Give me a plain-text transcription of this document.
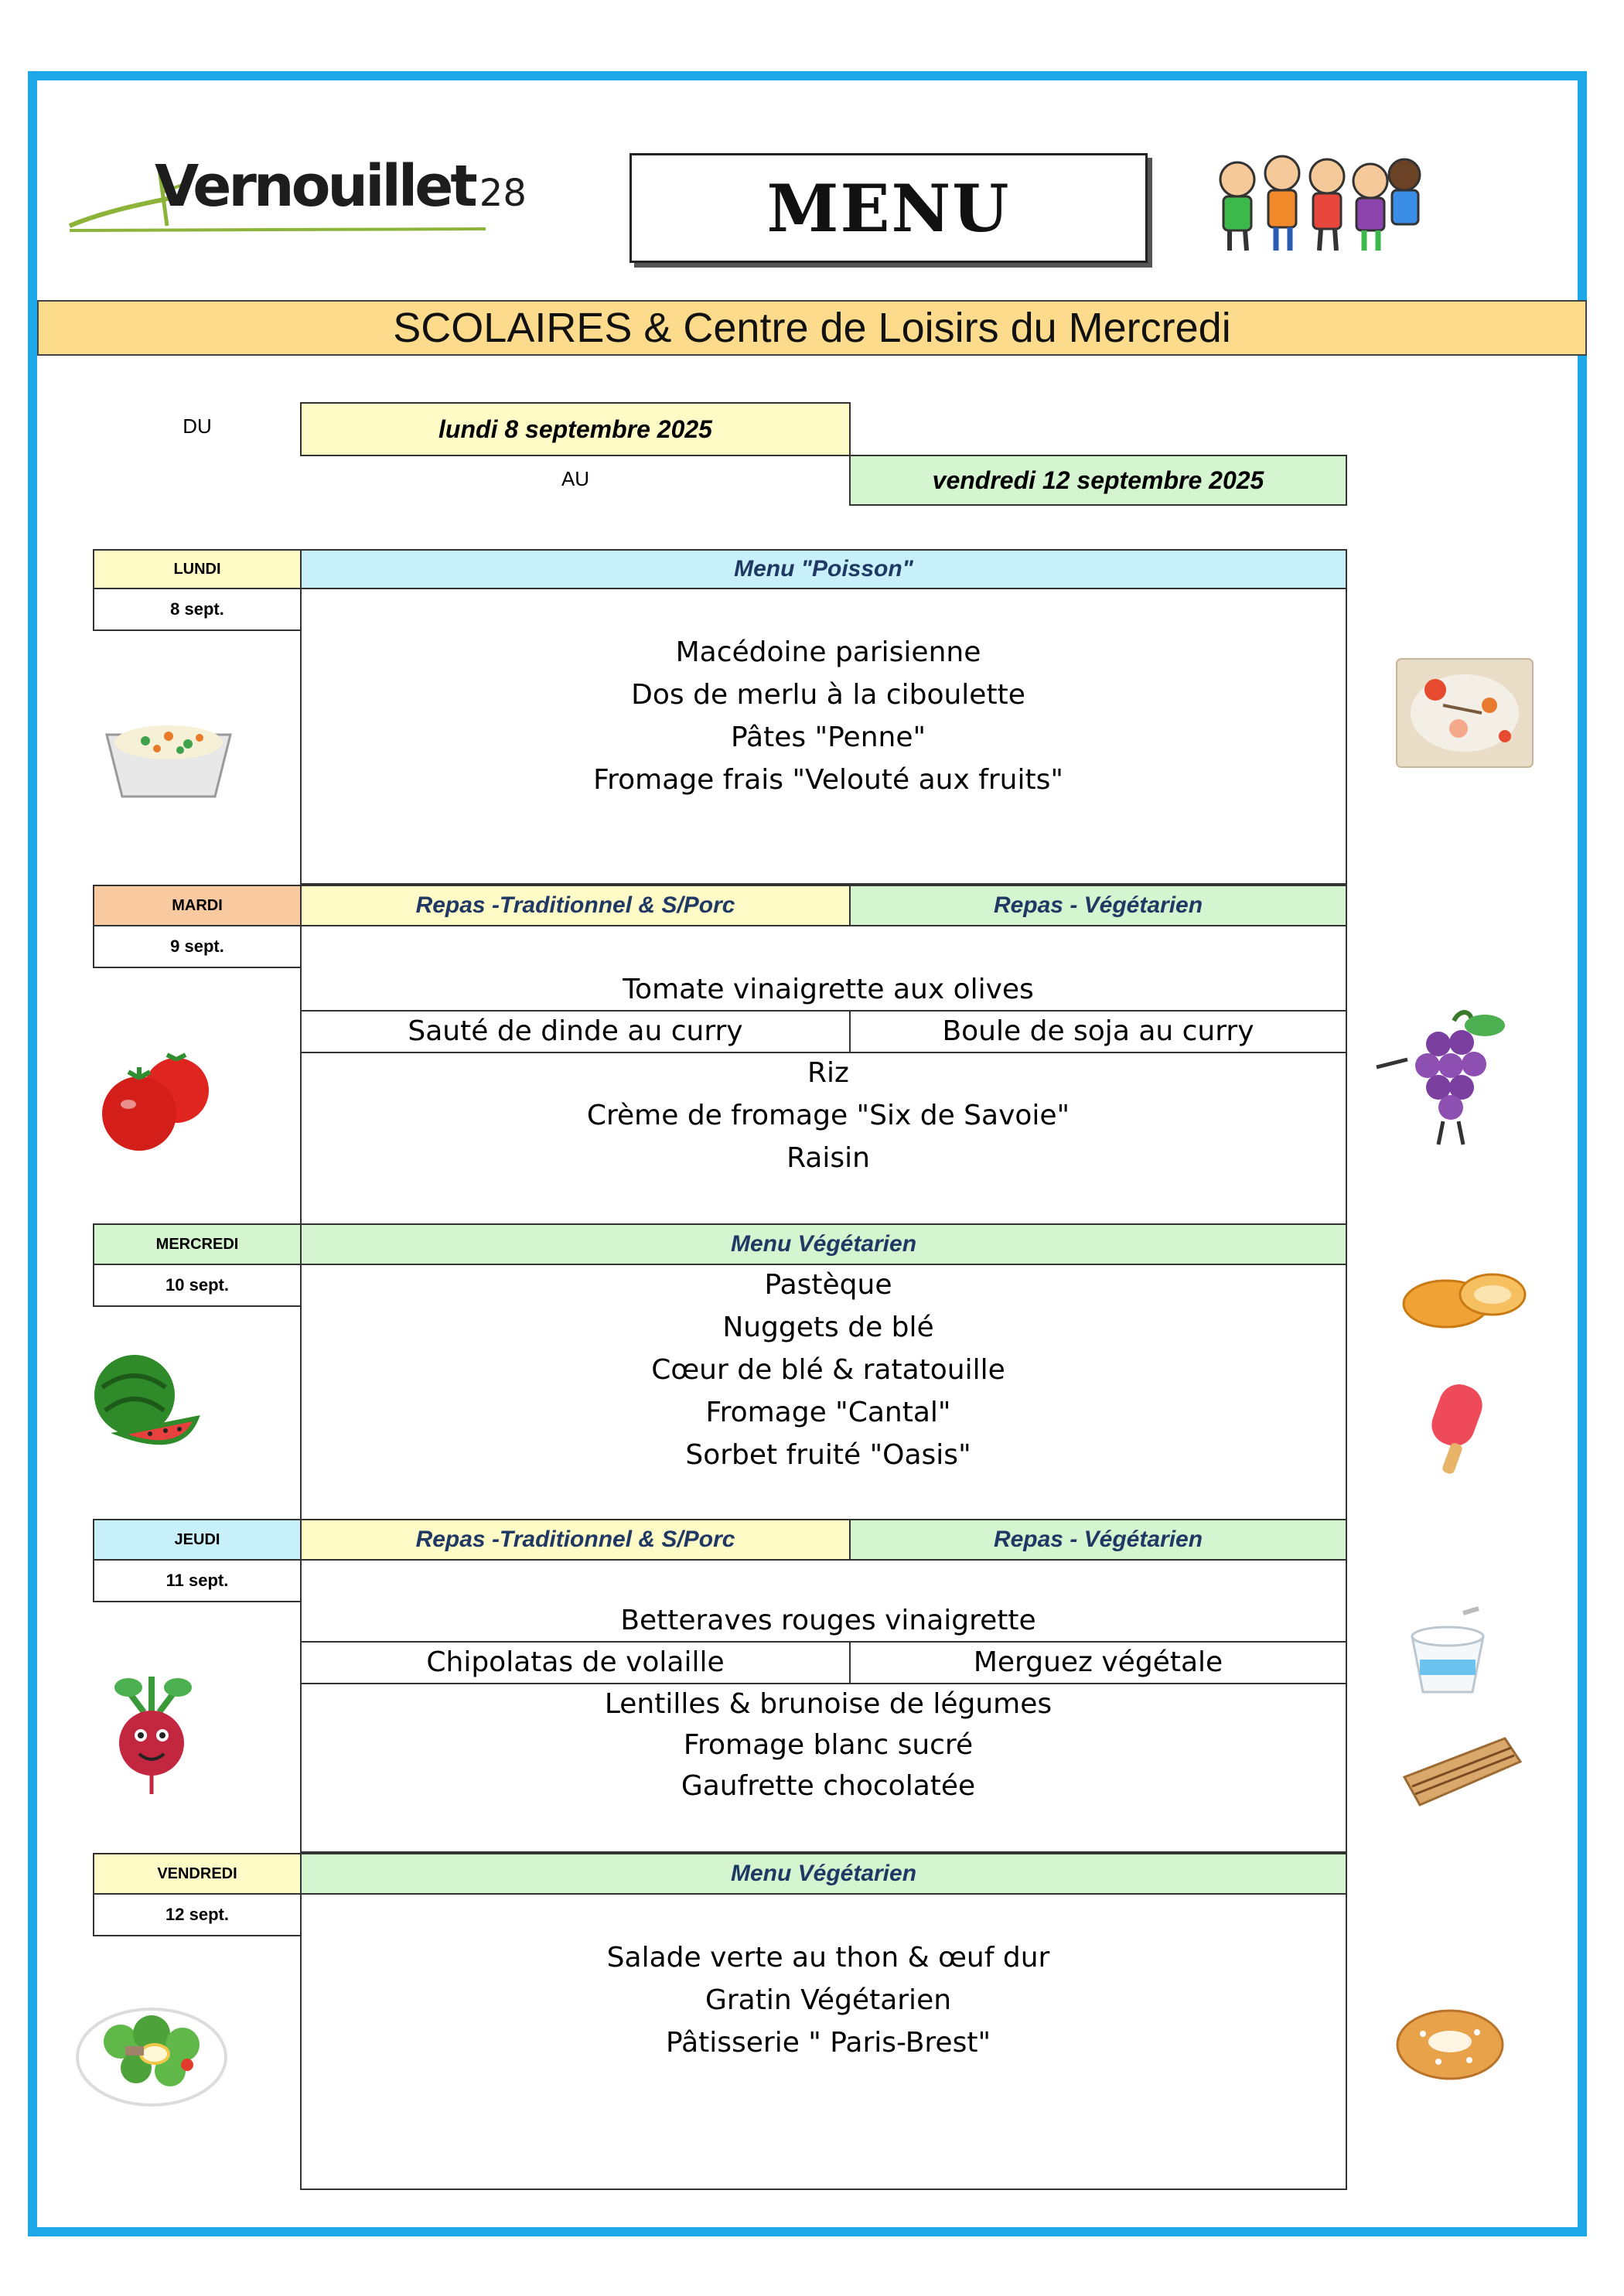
Vernouillet 28	MENU
SCOLAIRES & Centre de Loisirs du Mercredi
DU	lundi 8 septembre 2025
AU	vendredi 12 septembre 2025
LUNDI
8 sept.
Menu "Poisson"
Macédoine parisienne
Dos de merlu à la ciboulette
Pâtes "Penne"
Fromage frais "Velouté aux fruits"
MARDI
9 sept.
Repas -Traditionnel & S/Porc	Repas - Végétarien
Tomate vinaigrette aux olives
Sauté de dinde au curry	Boule de soja au curry
Riz
Crème de fromage "Six de Savoie"
Raisin
MERCREDI
10 sept.
Menu Végétarien
Pastèque
Nuggets de blé
Cœur de blé & ratatouille
Fromage "Cantal"
Sorbet fruité "Oasis"
JEUDI
11 sept.
Repas -Traditionnel & S/Porc	Repas - Végétarien
Betteraves rouges vinaigrette
Chipolatas de volaille	Merguez végétale
Lentilles & brunoise de légumes
Fromage blanc sucré
Gaufrette chocolatée
VENDREDI
12 sept.
Menu Végétarien
Salade verte au thon & œuf dur
Gratin Végétarien
Pâtisserie " Paris-Brest"
